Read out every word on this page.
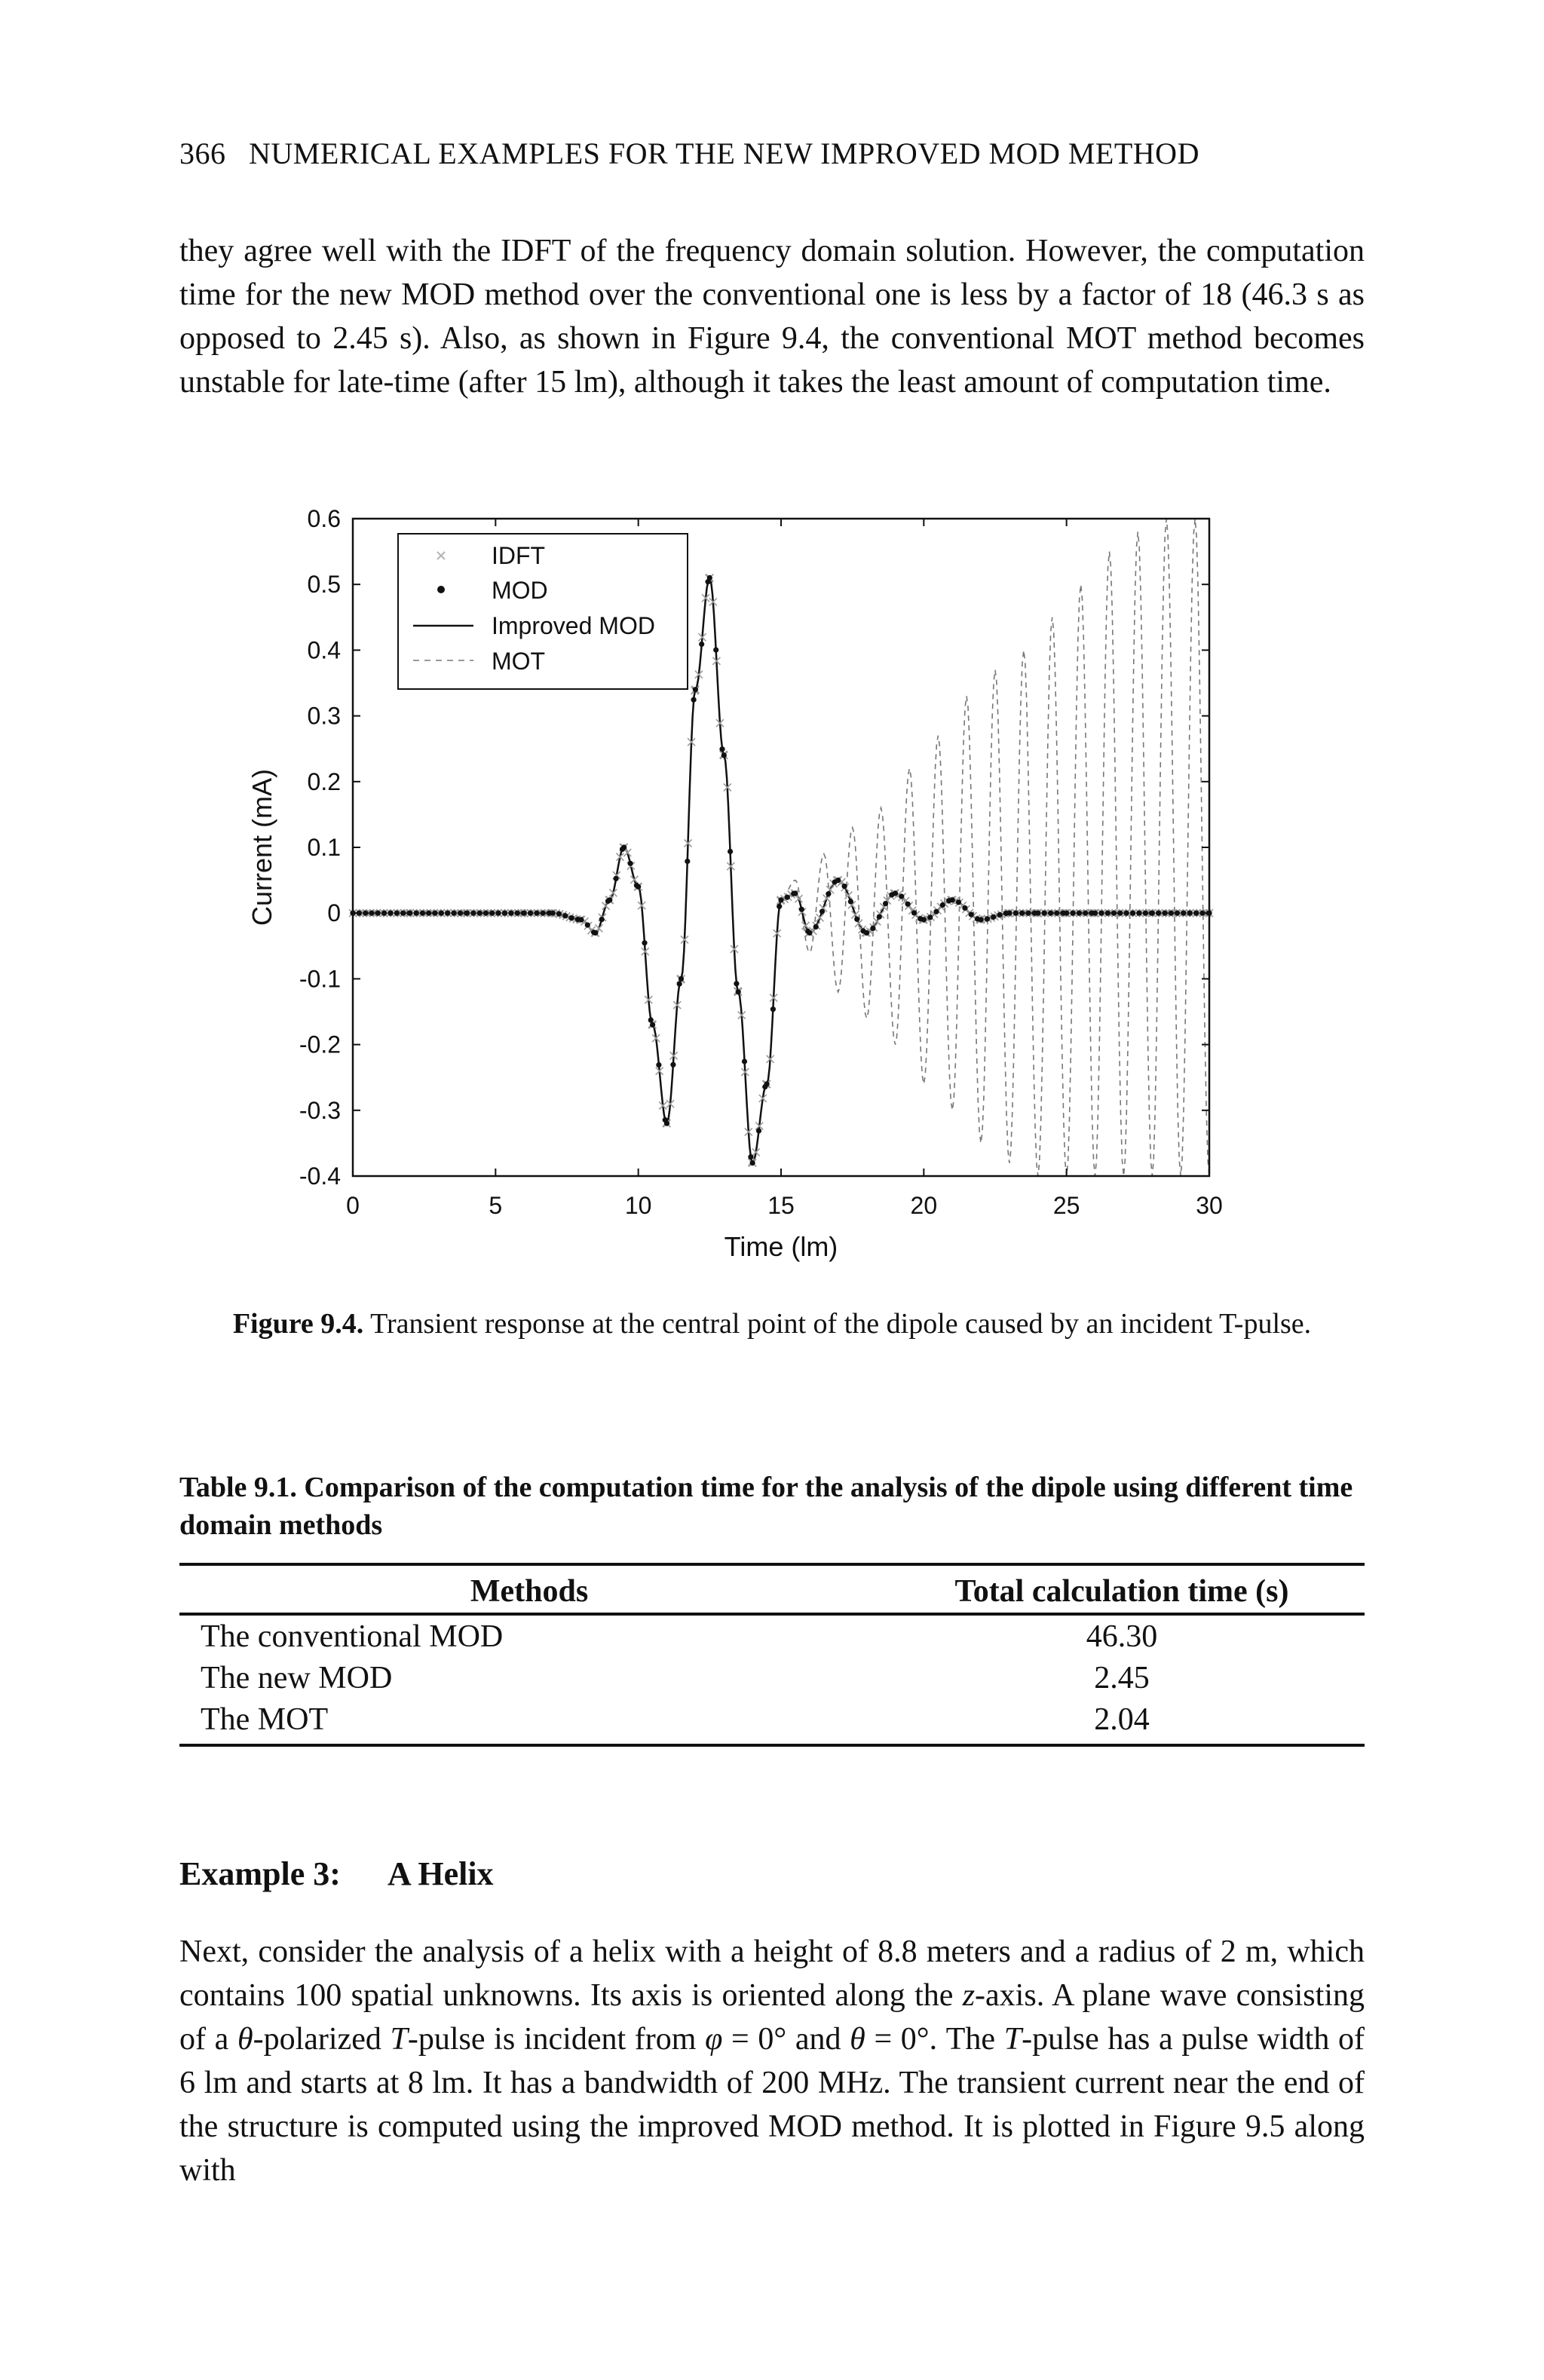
366 NUMERICAL EXAMPLES FOR THE NEW IMPROVED MOD METHOD

they agree well with the IDFT of the frequency domain solution. However, the computation time for the new MOD method over the conventional one is less by a factor of 18 (46.3 s as opposed to 2.45 s). Also, as shown in Figure 9.4, the conventional MOT method becomes unstable for late-time (after 15 lm), although it takes the least amount of computation time.

IDFT
MOD
Improved MOD
MOT
0	5	10	15	20	25	30
-0.4
-0.3
-0.2
-0.1
0
0.1
0.2
0.3
0.4
0.5
0.6
Time (lm)
Current (mA)
Figure 9.4. Transient response at the central point of the dipole caused by an incident T-pulse.
Table 9.1. Comparison of the computation time for the analysis of the dipole using different time domain methods
Methods	Total calculation time (s)
The conventional MOD	46.30
The new MOD	2.45
The MOT	2.04
Example 3: A Helix

Next, consider the analysis of a helix with a height of 8.8 meters and a radius of 2 m, which contains 100 spatial unknowns. Its axis is oriented along the z-axis. A plane wave consisting of a θ-polarized T-pulse is incident from φ = 0° and θ = 0°. The T-pulse has a pulse width of 6 lm and starts at 8 lm. It has a bandwidth of 200 MHz. The transient current near the end of the structure is computed using the improved MOD method. It is plotted in Figure 9.5 along with
